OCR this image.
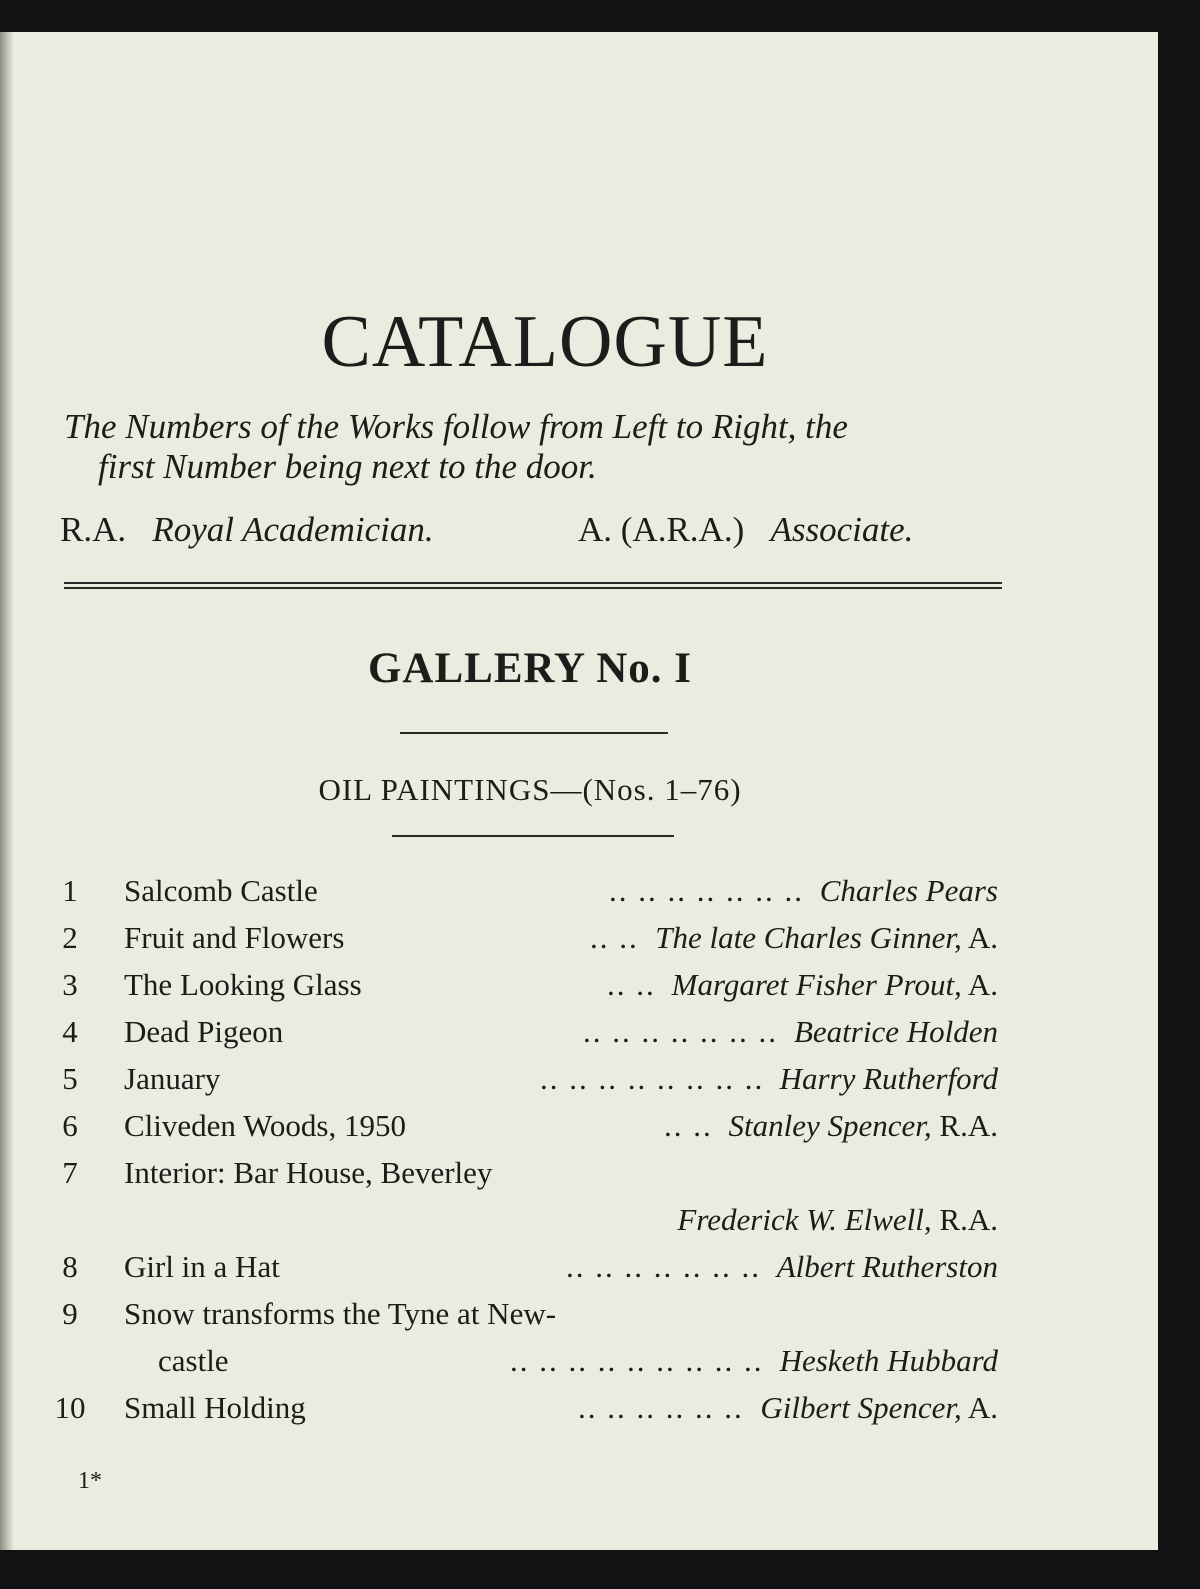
CATALOGUE
The Numbers of the Works follow from Left to Right, the
first Number being next to the door.
R.A. Royal Academician.	A. (A.R.A.) Associate.
GALLERY No. I
OIL PAINTINGS—(Nos. 1–76)
1	Salcomb Castle	.. .. .. .. .. .. .. Charles Pears
2	Fruit and Flowers	.. .. The late Charles Ginner, A.
3	The Looking Glass	.. .. Margaret Fisher Prout, A.
4	Dead Pigeon	.. .. .. .. .. .. .. Beatrice Holden
5	January	.. .. .. .. .. .. .. .. Harry Rutherford
6	Cliveden Woods, 1950	.. .. Stanley Spencer, R.A.
7	Interior: Bar House, Beverley
Frederick W. Elwell, R.A.
8	Girl in a Hat	.. .. .. .. .. .. .. Albert Rutherston
9	Snow transforms the Tyne at New-
castle	.. .. .. .. .. .. .. .. .. Hesketh Hubbard
10	Small Holding	.. .. .. .. .. .. Gilbert Spencer, A.
1*
